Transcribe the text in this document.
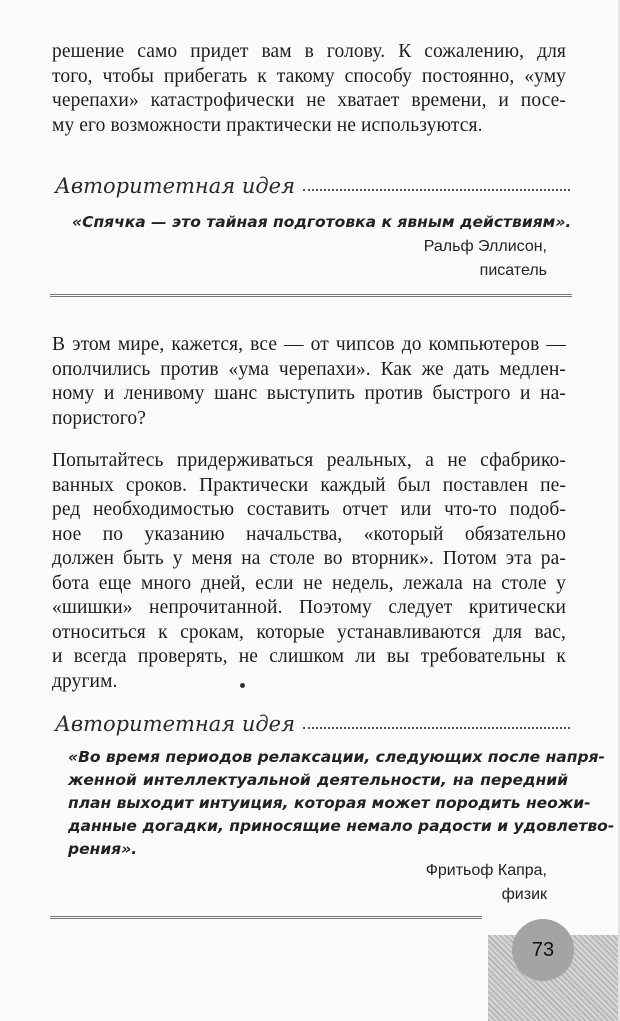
решение само придет вам в голову. К сожалению, для
того, чтобы прибегать к такому способу постоянно, «уму
черепахи» катастрофически не хватает времени, и посе-
му его возможности практически не используются.
Авторитетная идея
«Спячка — это тайная подготовка к явным действиям».
Ральф Эллисон,
писатель
В этом мире, кажется, все — от чипсов до компьютеров —
ополчились против «ума черепахи». Как же дать медлен-
ному и ленивому шанс выступить против быстрого и на-
пористого?
Попытайтесь придерживаться реальных, а не сфабрико-
ванных сроков. Практически каждый был поставлен пе-
ред необходимостью составить отчет или что-то подоб-
ное по указанию начальства, «который обязательно
должен быть у меня на столе во вторник». Потом эта ра-
бота еще много дней, если не недель, лежала на столе у
«шишки» непрочитанной. Поэтому следует критически
относиться к срокам, которые устанавливаются для вас,
и всегда проверять, не слишком ли вы требовательны к
другим.
Авторитетная идея
«Во время периодов релаксации, следующих после напря-
женной интеллектуальной деятельности, на передний
план выходит интуиция, которая может породить неожи-
данные догадки, приносящие немало радости и удовлетво-
рения».
Фритьоф Капра,
физик
73
